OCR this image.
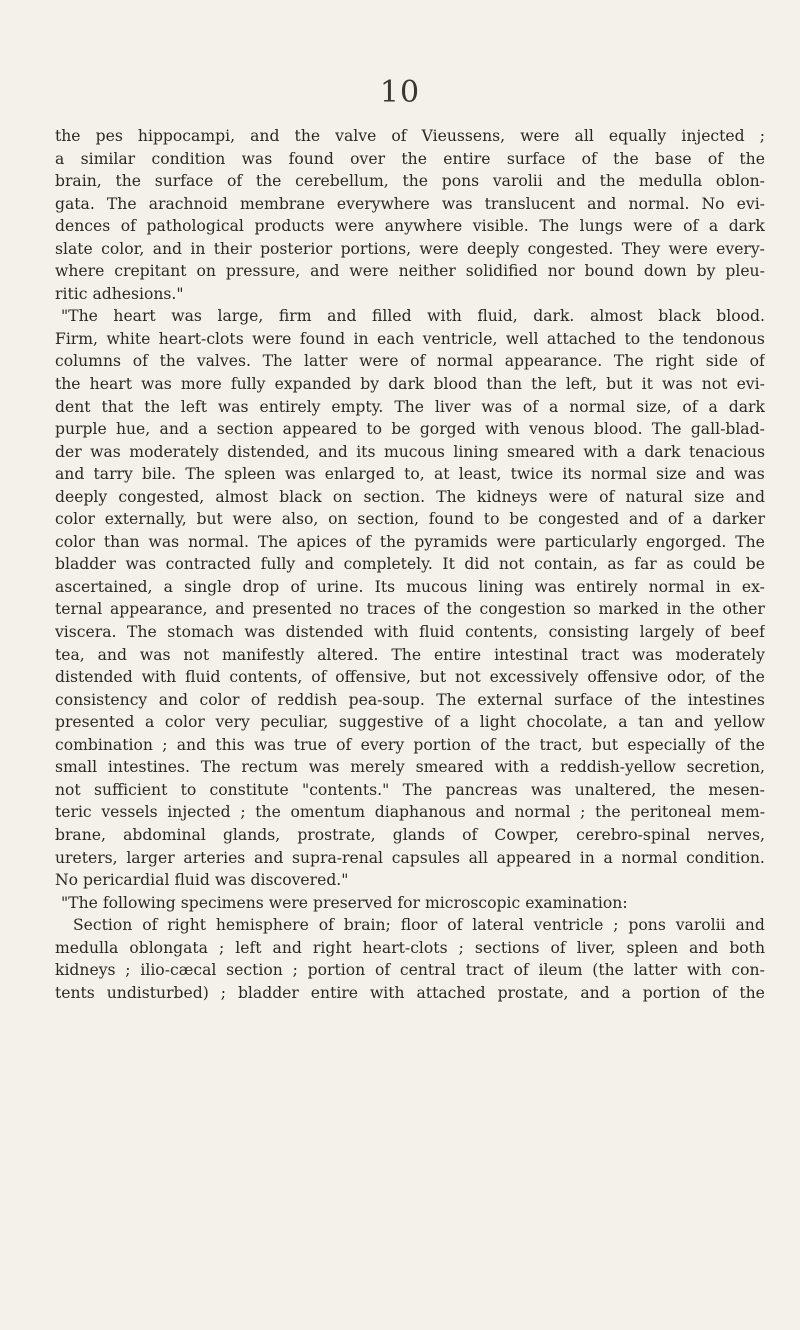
10
the pes hippocampi, and the valve of Vieussens, were all equally injected ;
a similar condition was found over the entire surface of the base of the
brain, the surface of the cerebellum, the pons varolii and the medulla oblon-
gata. The arachnoid membrane everywhere was translucent and normal. No evi-
dences of pathological products were anywhere visible. The lungs were of a dark
slate color, and in their posterior portions, were deeply congested. They were every-
where crepitant on pressure, and were neither solidified nor bound down by pleu-
ritic adhesions."
"The heart was large, firm and filled with fluid, dark. almost black blood.
Firm, white heart-clots were found in each ventricle, well attached to the tendonous
columns of the valves. The latter were of normal appearance. The right side of
the heart was more fully expanded by dark blood than the left, but it was not evi-
dent that the left was entirely empty. The liver was of a normal size, of a dark
purple hue, and a section appeared to be gorged with venous blood. The gall-blad-
der was moderately distended, and its mucous lining smeared with a dark tenacious
and tarry bile. The spleen was enlarged to, at least, twice its normal size and was
deeply congested, almost black on section. The kidneys were of natural size and
color externally, but were also, on section, found to be congested and of a darker
color than was normal. The apices of the pyramids were particularly engorged. The
bladder was contracted fully and completely. It did not contain, as far as could be
ascertained, a single drop of urine. Its mucous lining was entirely normal in ex-
ternal appearance, and presented no traces of the congestion so marked in the other
viscera. The stomach was distended with fluid contents, consisting largely of beef
tea, and was not manifestly altered. The entire intestinal tract was moderately
distended with fluid contents, of offensive, but not excessively offensive odor, of the
consistency and color of reddish pea-soup. The external surface of the intestines
presented a color very peculiar, suggestive of a light chocolate, a tan and yellow
combination ; and this was true of every portion of the tract, but especially of the
small intestines. The rectum was merely smeared with a reddish-yellow secretion,
not sufficient to constitute "contents." The pancreas was unaltered, the mesen-
teric vessels injected ; the omentum diaphanous and normal ; the peritoneal mem-
brane, abdominal glands, prostrate, glands of Cowper, cerebro-spinal nerves,
ureters, larger arteries and supra-renal capsules all appeared in a normal condition.
No pericardial fluid was discovered."
"The following specimens were preserved for microscopic examination:
Section of right hemisphere of brain; floor of lateral ventricle ; pons varolii and
medulla oblongata ; left and right heart-clots ; sections of liver, spleen and both
kidneys ; ilio-cæcal section ; portion of central tract of ileum (the latter with con-
tents undisturbed) ; bladder entire with attached prostate, and a portion of the
